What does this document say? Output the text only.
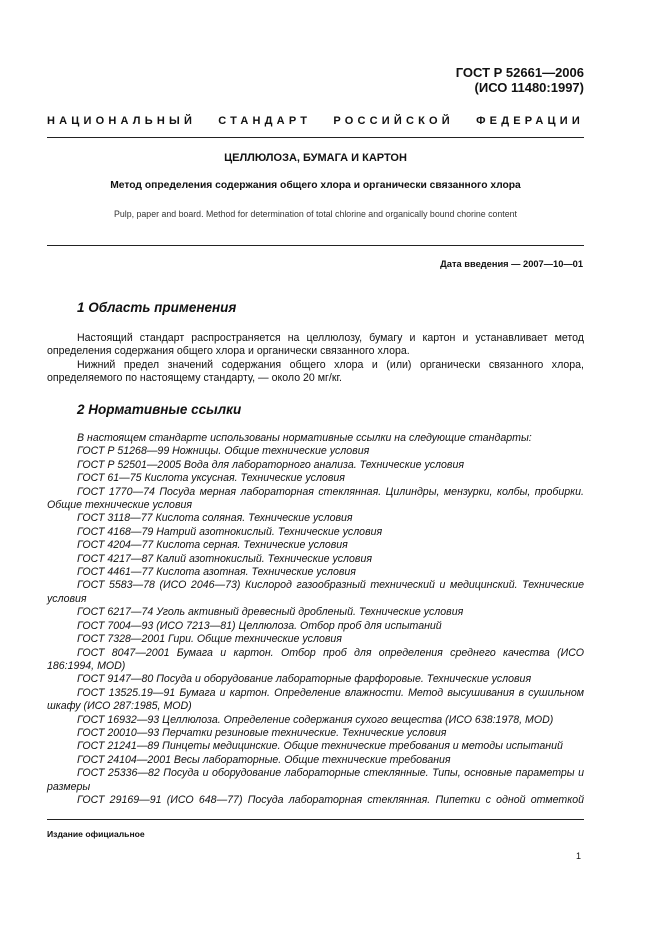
ГОСТ Р 52661—2006
(ИСО 11480:1997)
НАЦИОНАЛЬНЫЙ СТАНДАРТ РОССИЙСКОЙ ФЕДЕРАЦИИ
ЦЕЛЛЮЛОЗА, БУМАГА И КАРТОН
Метод определения содержания общего хлора и органически связанного хлора
Pulp, paper and board. Method for determination of total chlorine and organically bound chorine content
Дата введения — 2007—10—01
1 Область применения

Настоящий стандарт распространяется на целлюлозу, бумагу и картон и устанавливает метод определения содержания общего хлора и органически связанного хлора.

Нижний предел значений содержания общего хлора и (или) органически связанного хлора, определяемого по настоящему стандарту, — около 20 мг/кг.

2 Нормативные ссылки

В настоящем стандарте использованы нормативные ссылки на следующие стандарты:

ГОСТ Р 51268—99 Ножницы. Общие технические условия

ГОСТ Р 52501—2005 Вода для лабораторного анализа. Технические условия

ГОСТ 61—75 Кислота уксусная. Технические условия

ГОСТ 1770—74 Посуда мерная лабораторная стеклянная. Цилиндры, мензурки, колбы, пробирки. Общие технические условия

ГОСТ 3118—77 Кислота соляная. Технические условия

ГОСТ 4168—79 Натрий азотнокислый. Технические условия

ГОСТ 4204—77 Кислота серная. Технические условия

ГОСТ 4217—87 Калий азотнокислый. Технические условия

ГОСТ 4461—77 Кислота азотная. Технические условия

ГОСТ 5583—78 (ИСО 2046—73) Кислород газообразный технический и медицинский. Технические условия

ГОСТ 6217—74 Уголь активный древесный дробленый. Технические условия

ГОСТ 7004—93 (ИСО 7213—81) Целлюлоза. Отбор проб для испытаний

ГОСТ 7328—2001 Гири. Общие технические условия

ГОСТ 8047—2001 Бумага и картон. Отбор проб для определения среднего качества (ИСО 186:1994, MOD)

ГОСТ 9147—80 Посуда и оборудование лабораторные фарфоровые. Технические условия

ГОСТ 13525.19—91 Бумага и картон. Определение влажности. Метод высушивания в сушильном шкафу (ИСО 287:1985, MOD)

ГОСТ 16932—93 Целлюлоза. Определение содержания сухого вещества (ИСО 638:1978, MOD)

ГОСТ 20010—93 Перчатки резиновые технические. Технические условия

ГОСТ 21241—89 Пинцеты медицинские. Общие технические требования и методы испытаний

ГОСТ 24104—2001 Весы лабораторные. Общие технические требования

ГОСТ 25336—82 Посуда и оборудование лабораторные стеклянные. Типы, основные параметры и размеры

ГОСТ 29169—91 (ИСО 648—77) Посуда лабораторная стеклянная. Пипетки с одной отметкой

Издание официальное
1
